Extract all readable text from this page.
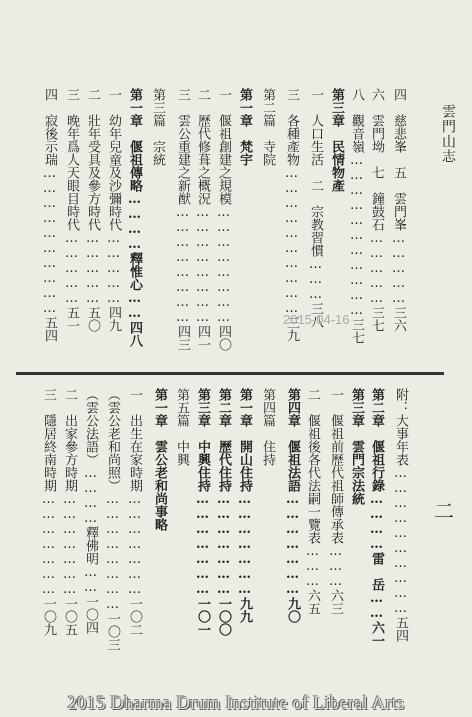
雲門山志
二
四　慈悲峯　五　雲門峯……………三六
六　雲門坳　七　鐘鼓石……………三七
八　觀音嶺……………………………三七
第三章　民情物產
一　人口生活　二　宗教習慣………三八
三　各種產物…………………………三九
第二篇　寺院
第一章　梵宇
一　偃祖創建之規模……………………四〇
二　歷代修葺之概況……………………四一
三　雲公重建之新猷……………………四三
第三篇　宗統
第一章　偃祖傳略…………釋惟心……四八
一　幼年兒童及沙彌時代……………四九
二　壯年受具及參方時代……………五〇
三　晚年爲人天眼目時代……………五一
四　寂後示瑞…………………………五四
附：大事年表…………………………五四
第二章　偃祖行錄…………雷　岳……六一
第三章　雲門宗法統
一　偃祖前歷代祖師傳承表………六三
二　偃祖後各代法嗣一覽表………六五
第四章　偃祖法語…………………九〇
第四篇　住持
第一章　開山住持…………………九九
第二章　歷代住持…………………一〇〇
第三章　中興住持…………………一〇一
第五篇　中興
第一章　雲公老和尚事略
一　出生在家時期…………………一〇二
（雲公老和尚照）……………………一〇三
（雲公法語）…………釋佛明……一〇四
二　出家參方時期…………………一〇五
三　隱居終南時期…………………一〇九
2015-04-16
2015 Dharma Drum Institute of Liberal Arts
